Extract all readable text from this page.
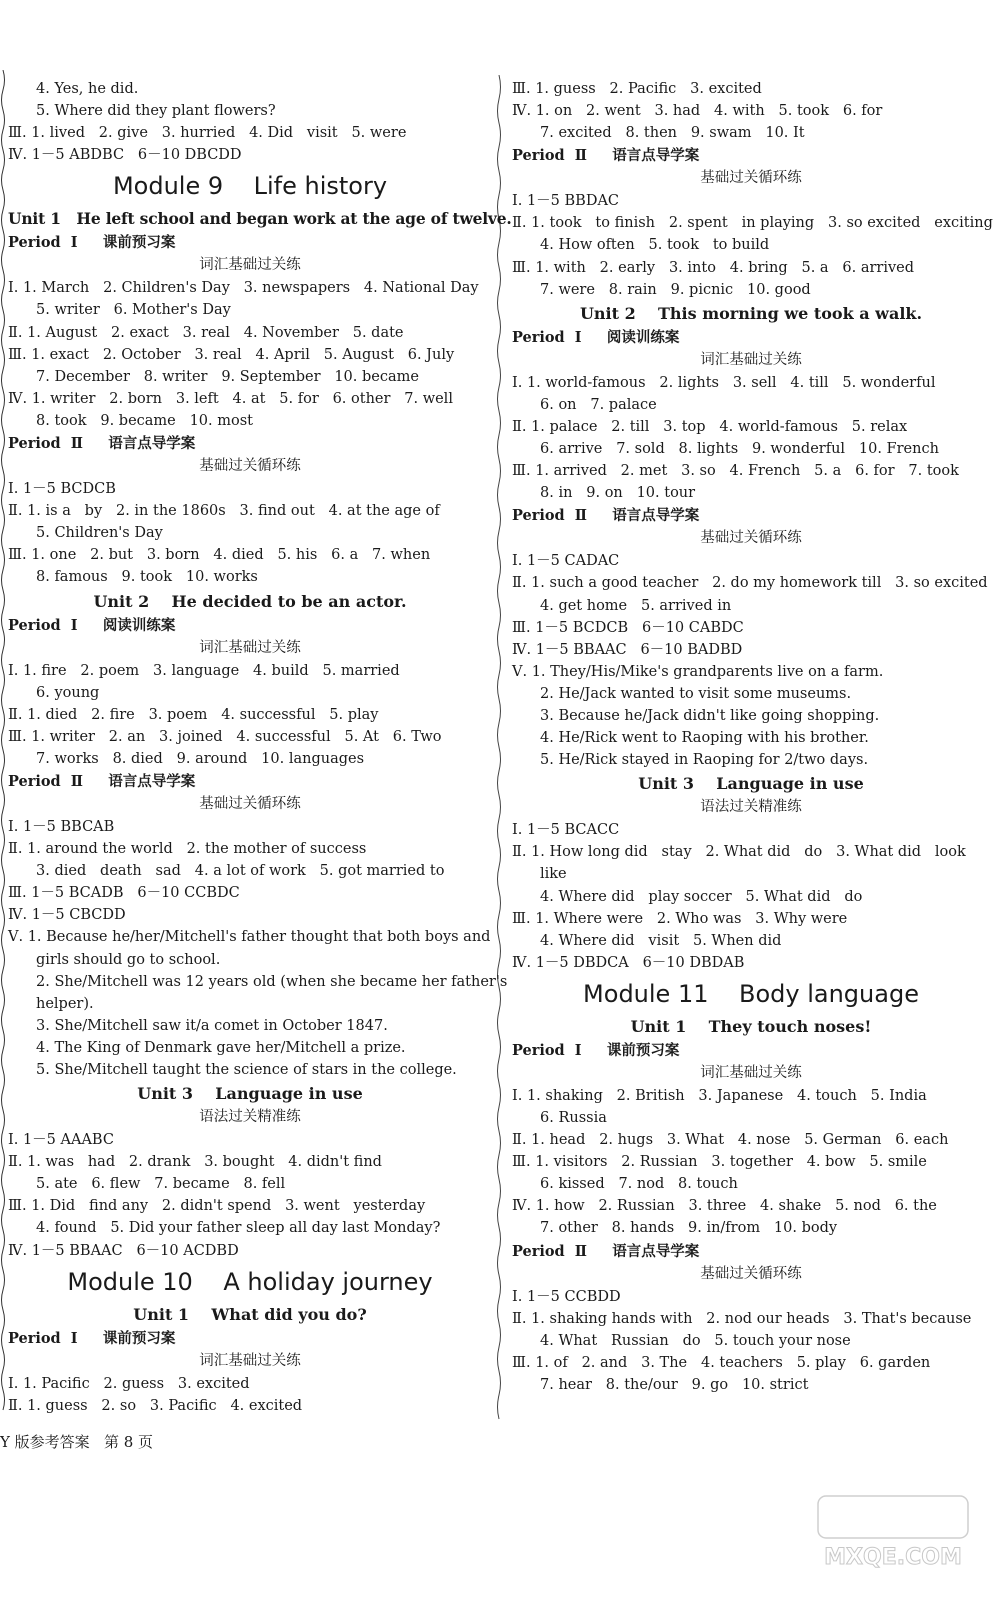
4. Yes, he did.
5. Where did they plant flowers?
Ⅲ. 1. lived   2. give   3. hurried   4. Did   visit   5. were
Ⅳ. 1－5 ABDBC   6－10 DBCDD
Module 9    Life history
Unit 1   He left school and began work at the age of twelve.
Period  Ⅰ     课前预习案
词汇基础过关练
Ⅰ. 1. March   2. Children's Day   3. newspapers   4. National Day
5. writer   6. Mother's Day
Ⅱ. 1. August   2. exact   3. real   4. November   5. date
Ⅲ. 1. exact   2. October   3. real   4. April   5. August   6. July
7. December   8. writer   9. September   10. became
Ⅳ. 1. writer   2. born   3. left   4. at   5. for   6. other   7. well
8. took   9. became   10. most
Period  Ⅱ     语言点导学案
基础过关循环练
Ⅰ. 1－5 BCDCB
Ⅱ. 1. is a   by   2. in the 1860s   3. find out   4. at the age of
5. Children's Day
Ⅲ. 1. one   2. but   3. born   4. died   5. his   6. a   7. when
8. famous   9. took   10. works
Unit 2    He decided to be an actor.
Period  Ⅰ     阅读训练案
词汇基础过关练
Ⅰ. 1. fire   2. poem   3. language   4. build   5. married
6. young
Ⅱ. 1. died   2. fire   3. poem   4. successful   5. play
Ⅲ. 1. writer   2. an   3. joined   4. successful   5. At   6. Two
7. works   8. died   9. around   10. languages
Period  Ⅱ     语言点导学案
基础过关循环练
Ⅰ. 1－5 BBCAB
Ⅱ. 1. around the world   2. the mother of success
3. died   death   sad   4. a lot of work   5. got married to
Ⅲ. 1－5 BCADB   6－10 CCBDC
Ⅳ. 1－5 CBCDD
Ⅴ. 1. Because he/her/Mitchell's father thought that both boys and
girls should go to school.
2. She/Mitchell was 12 years old (when she became her father's
helper).
3. She/Mitchell saw it/a comet in October 1847.
4. The King of Denmark gave her/Mitchell a prize.
5. She/Mitchell taught the science of stars in the college.
Unit 3    Language in use
语法过关精准练
Ⅰ. 1－5 AAABC
Ⅱ. 1. was   had   2. drank   3. bought   4. didn't find
5. ate   6. flew   7. became   8. fell
Ⅲ. 1. Did   find any   2. didn't spend   3. went   yesterday
4. found   5. Did your father sleep all day last Monday?
Ⅳ. 1－5 BBAAC   6－10 ACDBD
Module 10    A holiday journey
Unit 1    What did you do?
Period  Ⅰ     课前预习案
词汇基础过关练
Ⅰ. 1. Pacific   2. guess   3. excited
Ⅱ. 1. guess   2. so   3. Pacific   4. excited
Ⅲ. 1. guess   2. Pacific   3. excited
Ⅳ. 1. on   2. went   3. had   4. with   5. took   6. for
7. excited   8. then   9. swam   10. It
Period  Ⅱ     语言点导学案
基础过关循环练
Ⅰ. 1－5 BBDAC
Ⅱ. 1. took   to finish   2. spent   in playing   3. so excited   exciting
4. How often   5. took   to build
Ⅲ. 1. with   2. early   3. into   4. bring   5. a   6. arrived
7. were   8. rain   9. picnic   10. good
Unit 2    This morning we took a walk.
Period  Ⅰ     阅读训练案
词汇基础过关练
Ⅰ. 1. world-famous   2. lights   3. sell   4. till   5. wonderful
6. on   7. palace
Ⅱ. 1. palace   2. till   3. top   4. world-famous   5. relax
6. arrive   7. sold   8. lights   9. wonderful   10. French
Ⅲ. 1. arrived   2. met   3. so   4. French   5. a   6. for   7. took
8. in   9. on   10. tour
Period  Ⅱ     语言点导学案
基础过关循环练
Ⅰ. 1－5 CADAC
Ⅱ. 1. such a good teacher   2. do my homework till   3. so excited
4. get home   5. arrived in
Ⅲ. 1－5 BCDCB   6－10 CABDC
Ⅳ. 1－5 BBAAC   6－10 BADBD
Ⅴ. 1. They/His/Mike's grandparents live on a farm.
2. He/Jack wanted to visit some museums.
3. Because he/Jack didn't like going shopping.
4. He/Rick went to Raoping with his brother.
5. He/Rick stayed in Raoping for 2/two days.
Unit 3    Language in use
语法过关精准练
Ⅰ. 1－5 BCACC
Ⅱ. 1. How long did   stay   2. What did   do   3. What did   look
like
4. Where did   play soccer   5. What did   do
Ⅲ. 1. Where were   2. Who was   3. Why were
4. Where did   visit   5. When did
Ⅳ. 1－5 DBDCA   6－10 DBDAB
Module 11    Body language
Unit 1    They touch noses!
Period  Ⅰ     课前预习案
词汇基础过关练
Ⅰ. 1. shaking   2. British   3. Japanese   4. touch   5. India
6. Russia
Ⅱ. 1. head   2. hugs   3. What   4. nose   5. German   6. each
Ⅲ. 1. visitors   2. Russian   3. together   4. bow   5. smile
6. kissed   7. nod   8. touch
Ⅳ. 1. how   2. Russian   3. three   4. shake   5. nod   6. the
7. other   8. hands   9. in/from   10. body
Period  Ⅱ     语言点导学案
基础过关循环练
Ⅰ. 1－5 CCBDD
Ⅱ. 1. shaking hands with   2. nod our heads   3. That's because
4. What   Russian   do   5. touch your nose
Ⅲ. 1. of   2. and   3. The   4. teachers   5. play   6. garden
7. hear   8. the/our   9. go   10. strict
Y 版参考答案   第 8 页
MXQE.COM
